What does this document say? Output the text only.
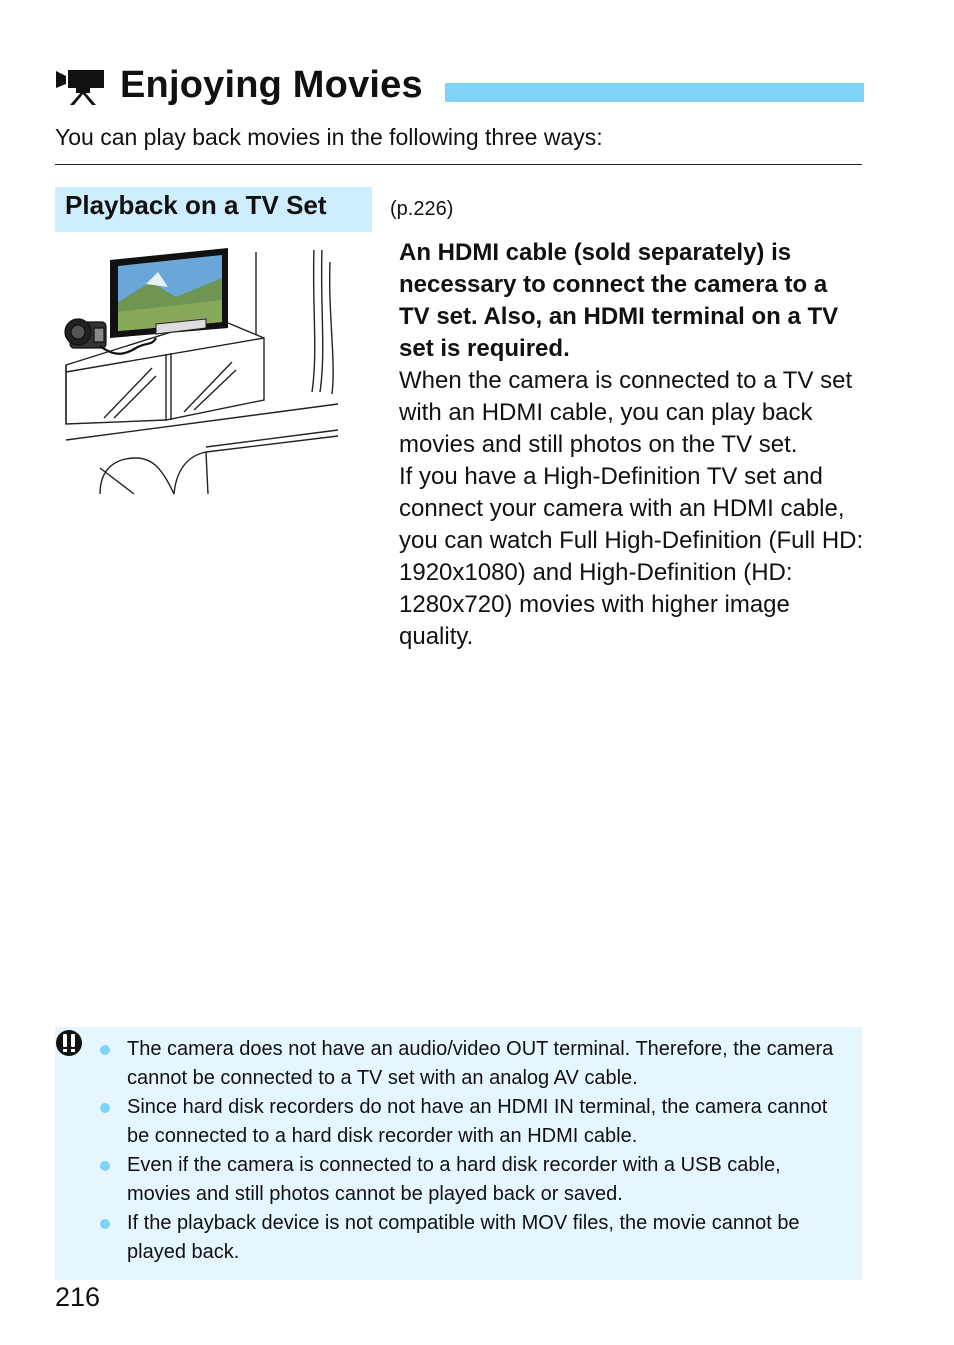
Enjoying Movies
You can play back movies in the following three ways:
Playback on a TV Set	(p.226)

An HDMI cable (sold separately) is necessary to connect the camera to a TV set. Also, an HDMI terminal on a TV set is required.

When the camera is connected to a TV set with an HDMI cable, you can play back movies and still photos on the TV set.

If you have a High-Definition TV set and connect your camera with an HDMI cable, you can watch Full High-Definition (Full HD: 1920x1080) and High-Definition (HD: 1280x720) movies with higher image quality.

The camera does not have an audio/video OUT terminal. Therefore, the camera cannot be connected to a TV set with an analog AV cable.
Since hard disk recorders do not have an HDMI IN terminal, the camera cannot be connected to a hard disk recorder with an HDMI cable.
Even if the camera is connected to a hard disk recorder with a USB cable, movies and still photos cannot be played back or saved.
If the playback device is not compatible with MOV files, the movie cannot be played back.
216
